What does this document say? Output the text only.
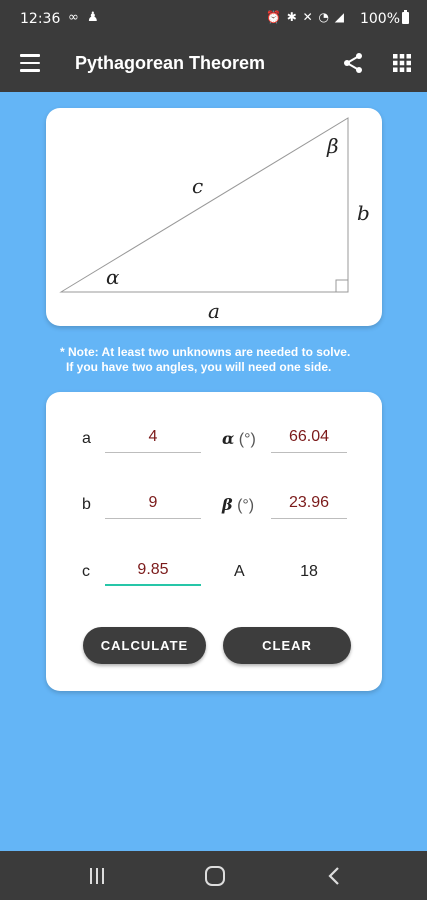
12:36 ∞ ♟	⏰ ✱ ✕ ◔ ◢ 100%
Pythagorean Theorem
c
b
a
α
β
* Note: At least two unknowns are needed to solve.
If you have two angles, you will need one side.
a	4	α (°)	66.04
b	9	β (°)	23.96
c	9.85	A	18
CALCULATE	CLEAR
